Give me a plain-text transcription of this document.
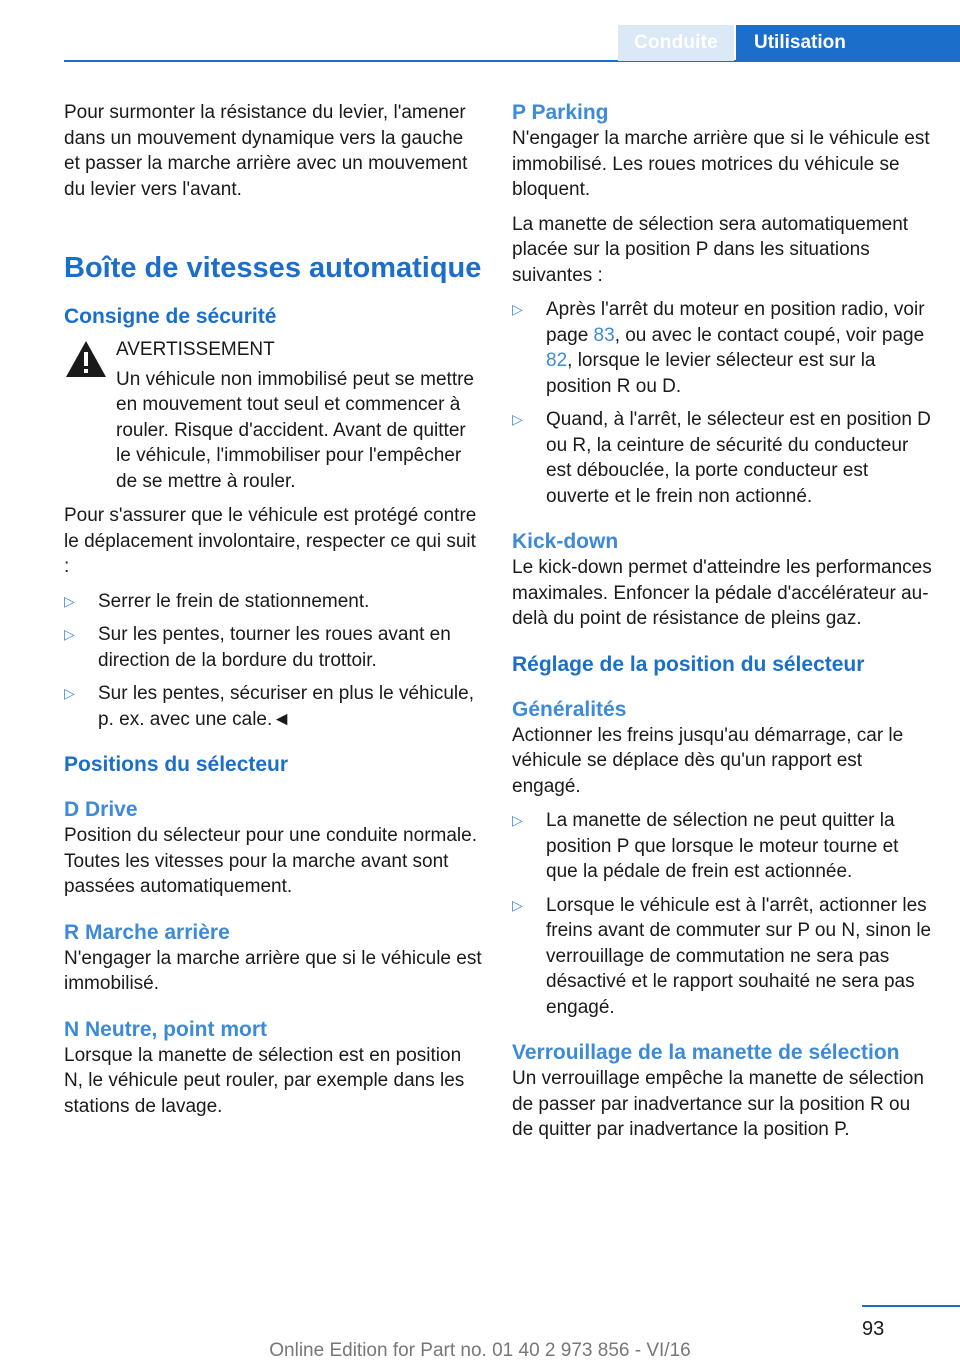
Conduite	Utilisation

Pour surmonter la résistance du levier, l'amener dans un mouvement dynamique vers la gauche et passer la marche arrière avec un mouvement du levier vers l'avant.

Boîte de vitesses automatique
Consigne de sécurité
AVERTISSEMENT

Un véhicule non immobilisé peut se mettre en mouvement tout seul et commencer à rouler. Risque d'accident. Avant de quitter le véhicule, l'immobiliser pour l'empêcher de se mettre à rouler.

Pour s'assurer que le véhicule est protégé contre le déplacement involontaire, respecter ce qui suit :

▷ Serrer le frein de stationnement.
▷ Sur les pentes, tourner les roues avant en direction de la bordure du trottoir.
▷ Sur les pentes, sécuriser en plus le véhicule, p. ex. avec une cale.◄
Positions du sélecteur
D Drive

Position du sélecteur pour une conduite normale. Toutes les vitesses pour la marche avant sont passées automatiquement.

R Marche arrière

N'engager la marche arrière que si le véhicule est immobilisé.

N Neutre, point mort

Lorsque la manette de sélection est en position N, le véhicule peut rouler, par exemple dans les stations de lavage.

P Parking

N'engager la marche arrière que si le véhicule est immobilisé. Les roues motrices du véhicule se bloquent.

La manette de sélection sera automatiquement placée sur la position P dans les situations suivantes :

▷ Après l'arrêt du moteur en position radio, voir page 83, ou avec le contact coupé, voir page 82, lorsque le levier sélecteur est sur la position R ou D.
▷ Quand, à l'arrêt, le sélecteur est en position D ou R, la ceinture de sécurité du conducteur est débouclée, la porte conducteur est ouverte et le frein non actionné.
Kick-down

Le kick-down permet d'atteindre les performances maximales. Enfoncer la pédale d'accélérateur au-delà du point de résistance de pleins gaz.

Réglage de la position du sélecteur
Généralités

Actionner les freins jusqu'au démarrage, car le véhicule se déplace dès qu'un rapport est engagé.

▷ La manette de sélection ne peut quitter la position P que lorsque le moteur tourne et que la pédale de frein est actionnée.
▷ Lorsque le véhicule est à l'arrêt, actionner les freins avant de commuter sur P ou N, sinon le verrouillage de commutation ne sera pas désactivé et le rapport souhaité ne sera pas engagé.
Verrouillage de la manette de sélection

Un verrouillage empêche la manette de sélection de passer par inadvertance sur la position R ou de quitter par inadvertance la position P.

93
Online Edition for Part no. 01 40 2 973 856 - VI/16
